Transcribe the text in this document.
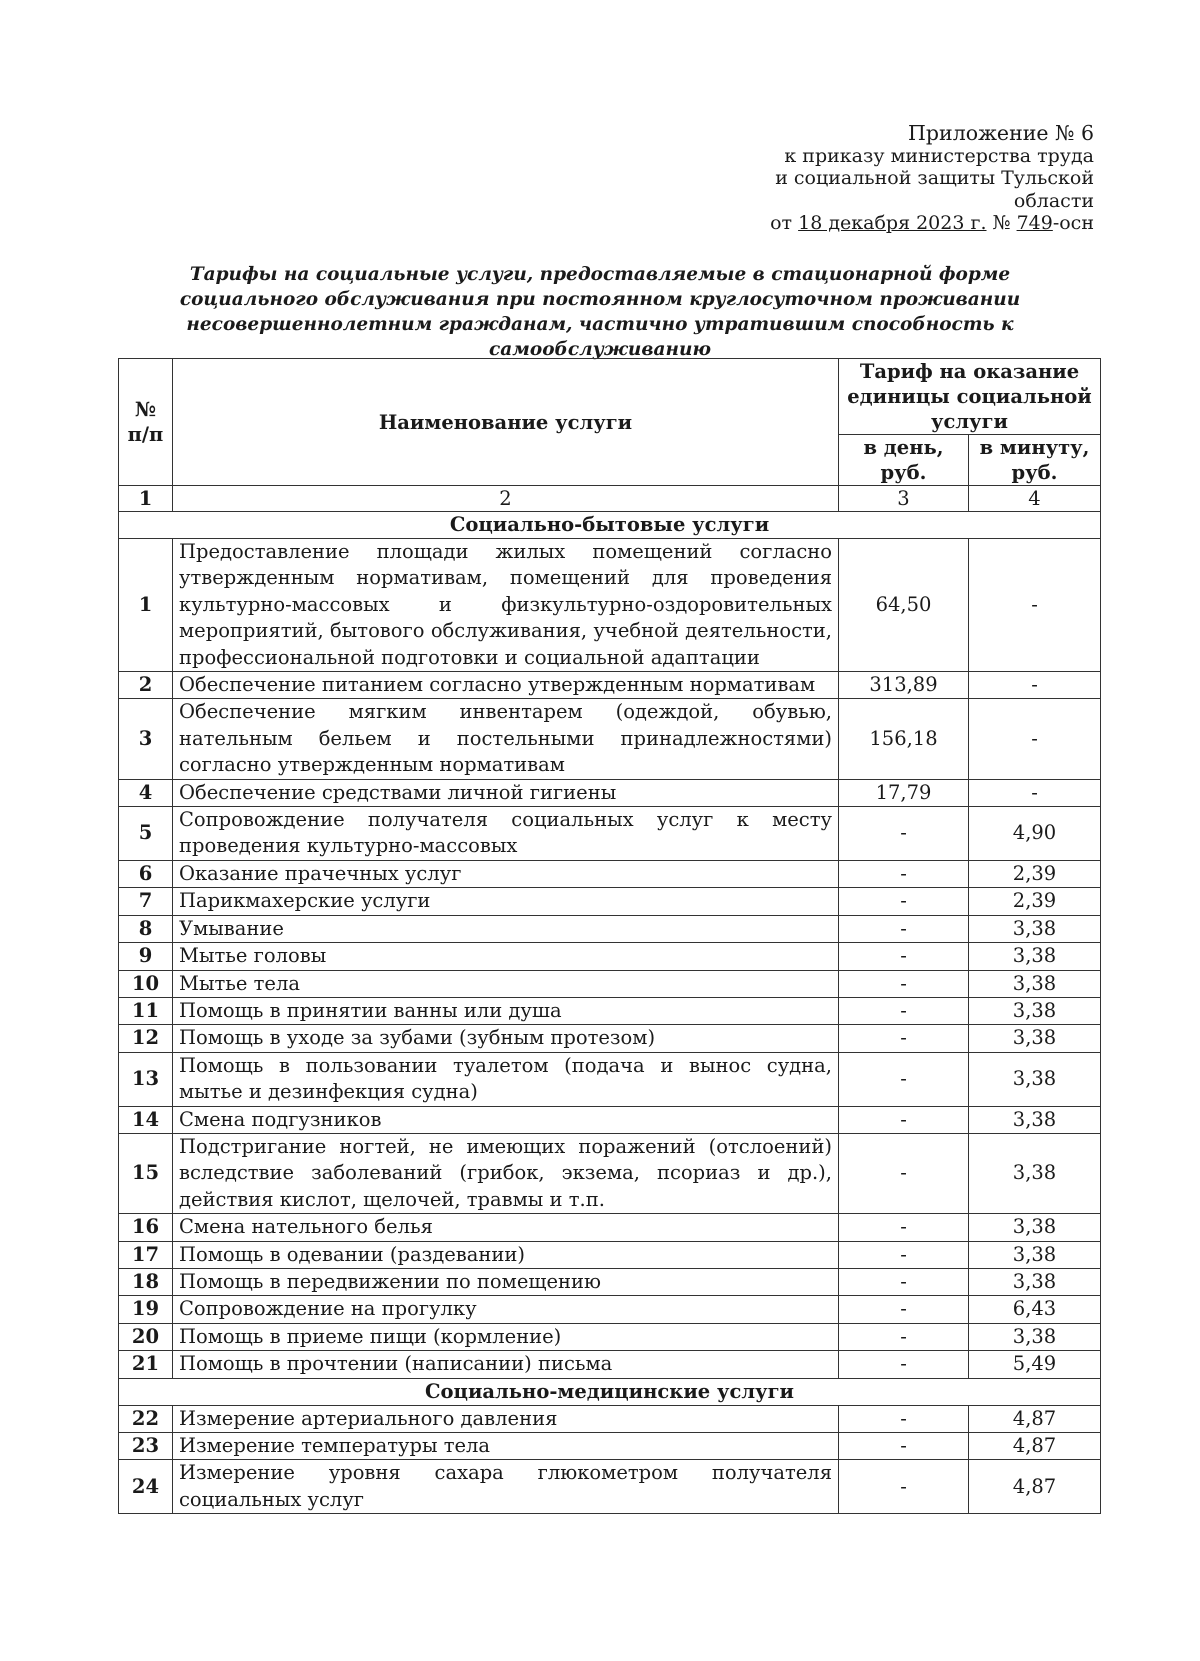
Приложение № 6
к приказу министерства труда
и социальной защиты Тульской
области
от 18 декабря 2023 г. № 749-осн
Тарифы на социальные услуги, предоставляемые в стационарной форме социального обслуживания при постоянном круглосуточном проживании несовершеннолетним гражданам, частично утратившим способность к самообслуживанию
№ п/п	Наименование услуги	Тариф на оказание единицы социальной услуги	
		в день, руб.	в минуту, руб.
1	2	3	4
Социально-бытовые услуги			
1	Предоставление площади жилых помещений согласно утвержденным нормативам, помещений для проведения культурно-массовых и физкультурно-оздоровительных мероприятий, бытового обслуживания, учебной деятельности, профессиональной подготовки и социальной адаптации	64,50	-
2	Обеспечение питанием согласно утвержденным нормативам	313,89	-
3	Обеспечение мягким инвентарем (одеждой, обувью, нательным бельем и постельными принадлежностями) согласно утвержденным нормативам	156,18	-
4	Обеспечение средствами личной гигиены	17,79	-
5	Сопровождение получателя социальных услуг к месту проведения культурно-массовых	-	4,90
6	Оказание прачечных услуг	-	2,39
7	Парикмахерские услуги	-	2,39
8	Умывание	-	3,38
9	Мытье головы	-	3,38
10	Мытье тела	-	3,38
11	Помощь в принятии ванны или душа	-	3,38
12	Помощь в уходе за зубами (зубным протезом)	-	3,38
13	Помощь в пользовании туалетом (подача и вынос судна, мытье и дезинфекция судна)	-	3,38
14	Смена подгузников	-	3,38
15	Подстригание ногтей, не имеющих поражений (отслоений) вследствие заболеваний (грибок, экзема, псориаз и др.), действия кислот, щелочей, травмы и т.п.	-	3,38
16	Смена нательного белья	-	3,38
17	Помощь в одевании (раздевании)	-	3,38
18	Помощь в передвижении по помещению	-	3,38
19	Сопровождение на прогулку	-	6,43
20	Помощь в приеме пищи (кормление)	-	3,38
21	Помощь в прочтении (написании) письма	-	5,49
Социально-медицинские услуги			
22	Измерение артериального давления	-	4,87
23	Измерение температуры тела	-	4,87
24	Измерение уровня сахара глюкометром получателя социальных услуг	-	4,87
